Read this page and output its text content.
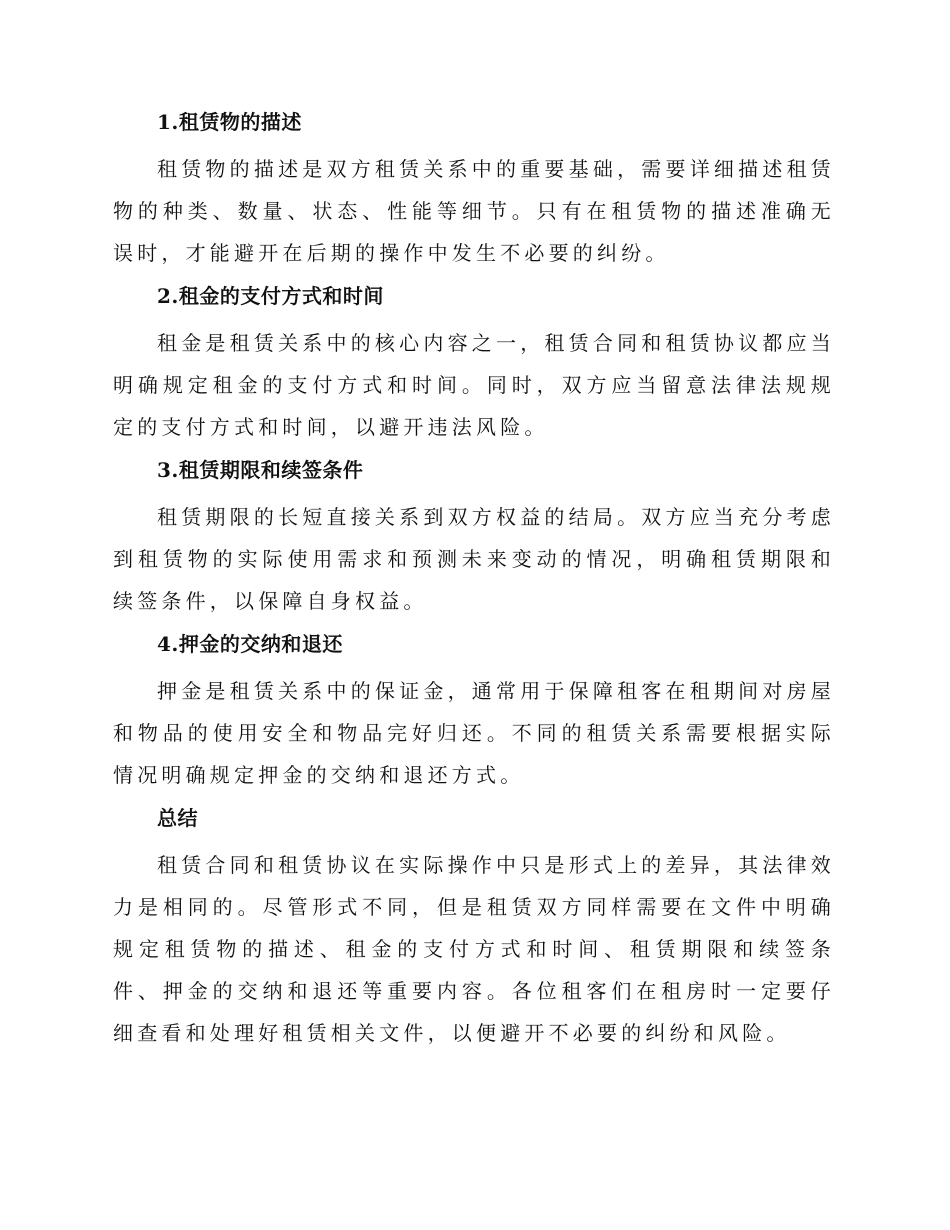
1.租赁物的描述

租赁物的描述是双方租赁关系中的重要基础，需要详细描述租赁物的种类、数量、状态、性能等细节。只有在租赁物的描述准确无误时，才能避开在后期的操作中发生不必要的纠纷。

2.租金的支付方式和时间

租金是租赁关系中的核心内容之一，租赁合同和租赁协议都应当明确规定租金的支付方式和时间。同时，双方应当留意法律法规规定的支付方式和时间，以避开违法风险。

3.租赁期限和续签条件

租赁期限的长短直接关系到双方权益的结局。双方应当充分考虑到租赁物的实际使用需求和预测未来变动的情况，明确租赁期限和续签条件，以保障自身权益。

4.押金的交纳和退还

押金是租赁关系中的保证金，通常用于保障租客在租期间对房屋和物品的使用安全和物品完好归还。不同的租赁关系需要根据实际情况明确规定押金的交纳和退还方式。

总结

租赁合同和租赁协议在实际操作中只是形式上的差异，其法律效力是相同的。尽管形式不同，但是租赁双方同样需要在文件中明确规定租赁物的描述、租金的支付方式和时间、租赁期限和续签条件、押金的交纳和退还等重要内容。各位租客们在租房时一定要仔细查看和处理好租赁相关文件，以便避开不必要的纠纷和风险。
